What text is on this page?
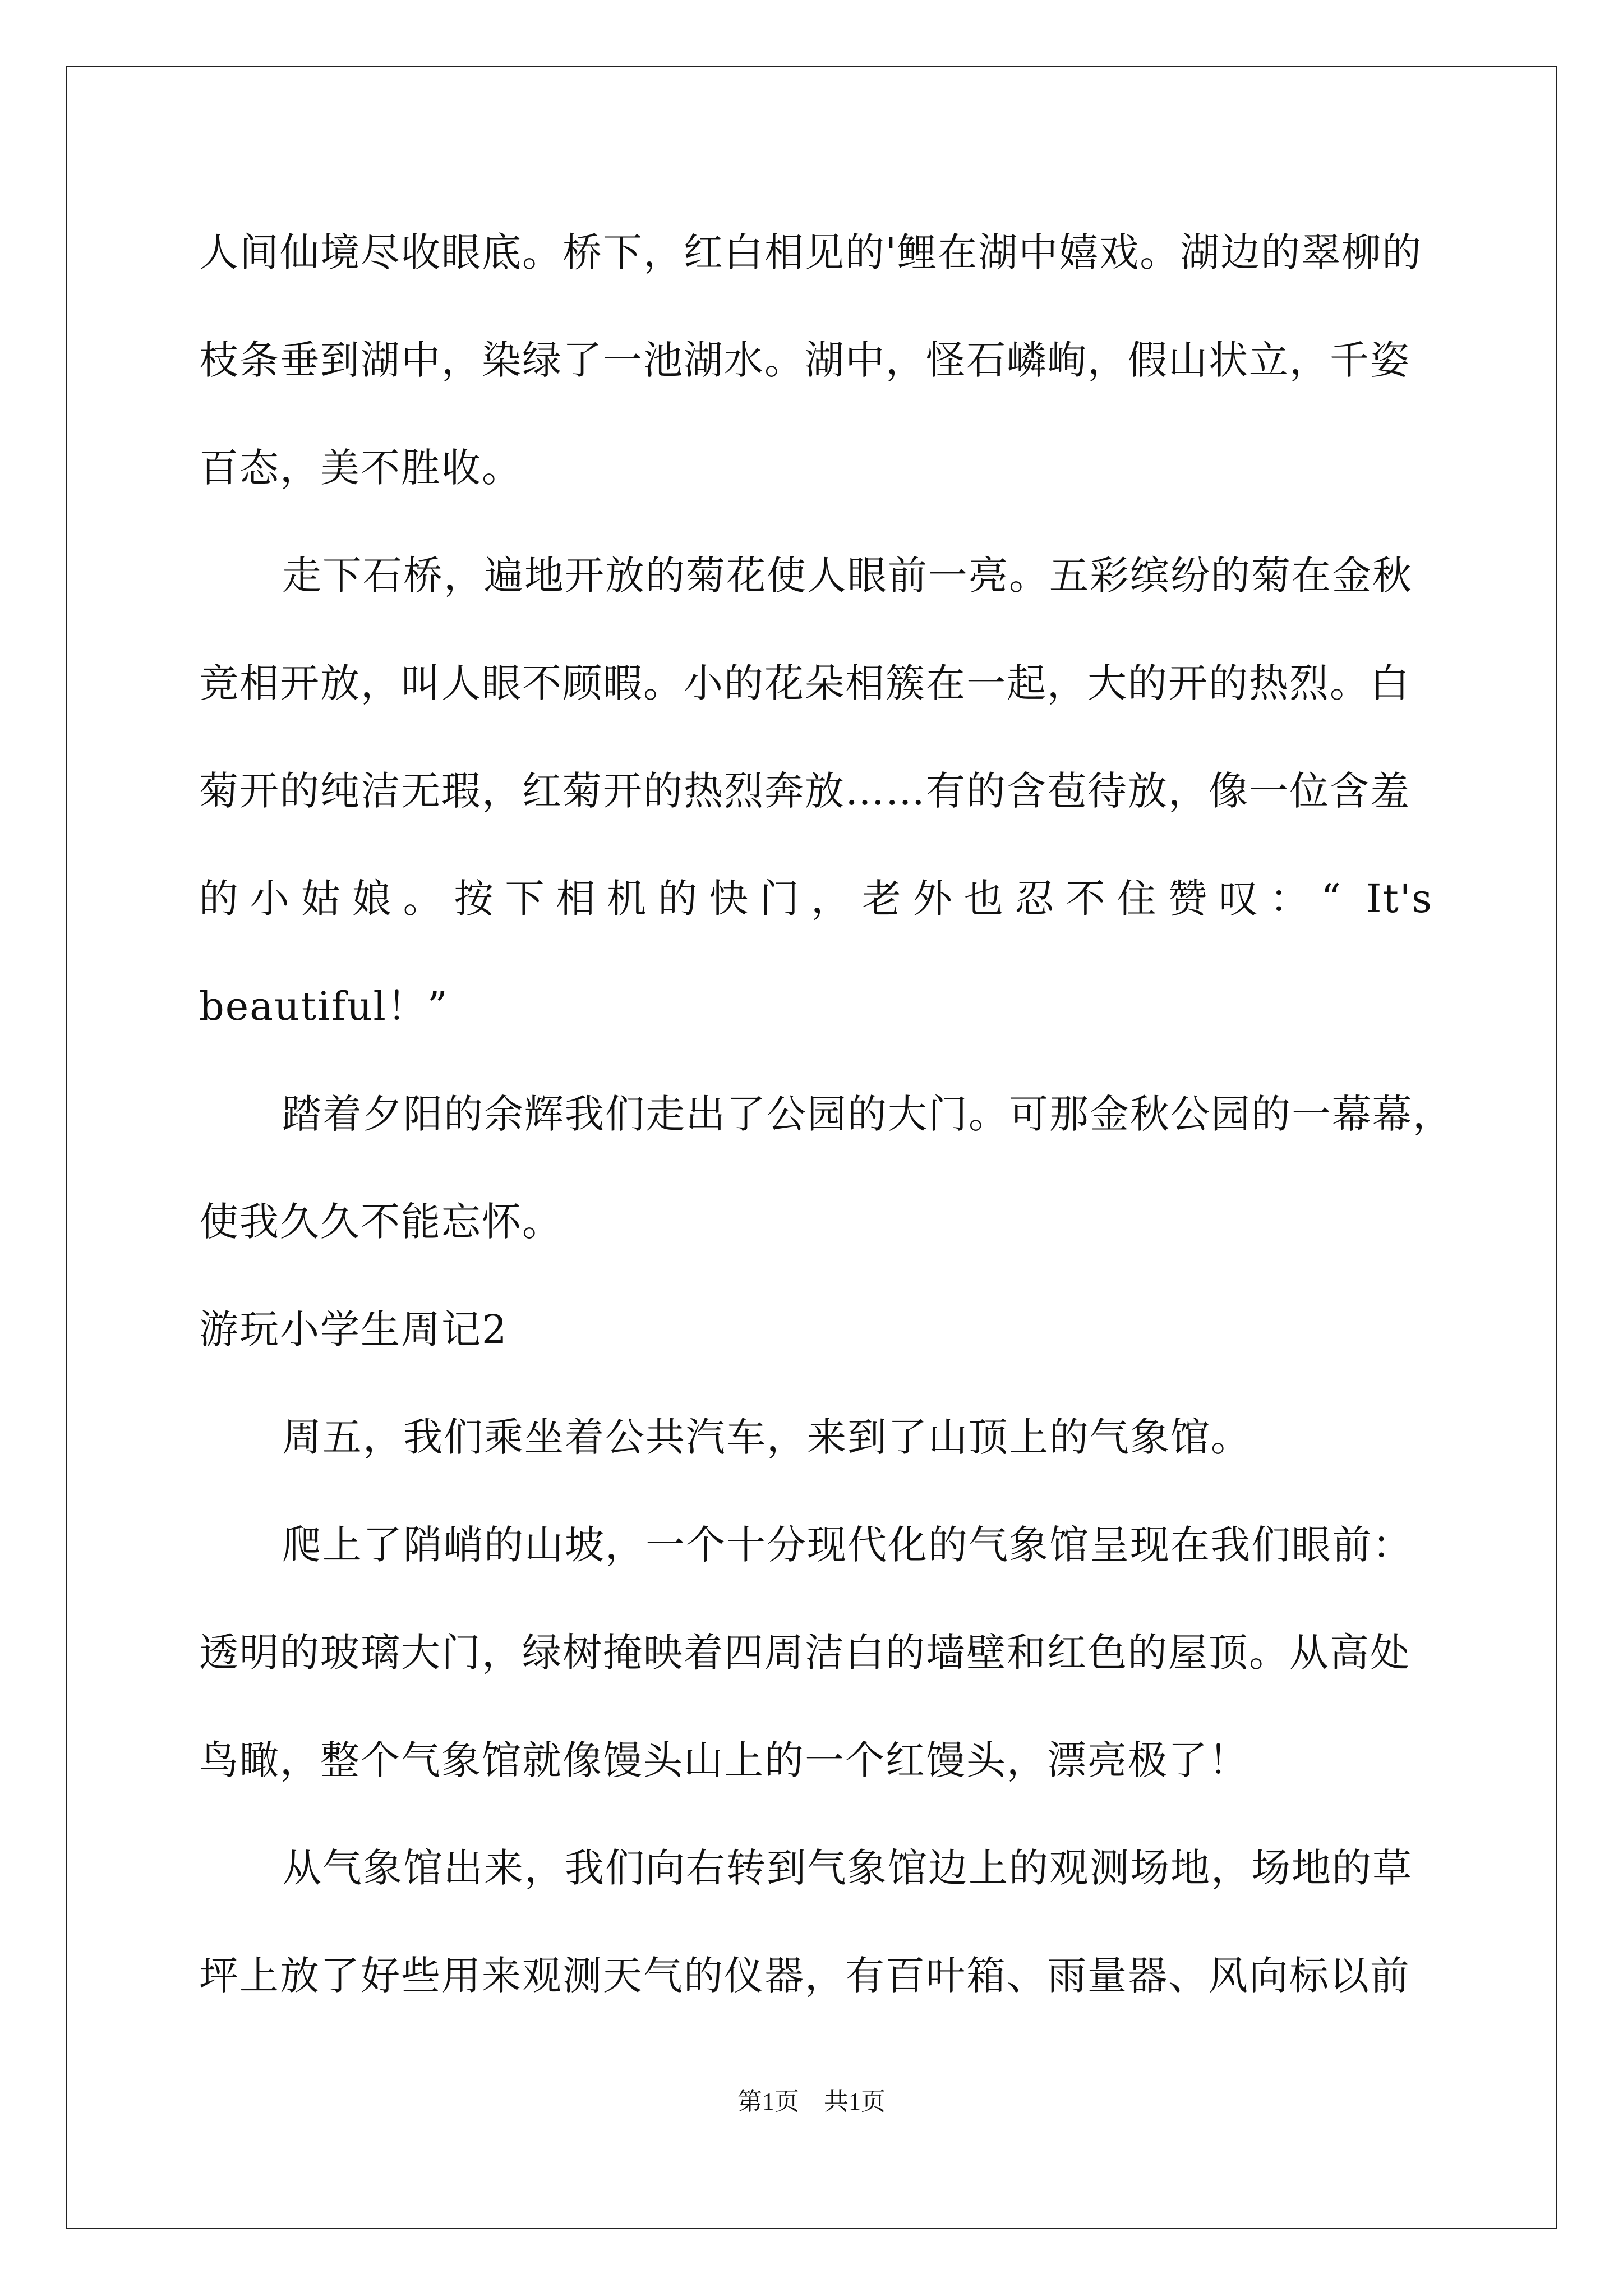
人间仙境尽收眼底。桥下，红白相见的'鲤在湖中嬉戏。湖边的翠柳的
枝条垂到湖中，染绿了一池湖水。湖中，怪石嶙峋，假山状立，千姿
百态，美不胜收。
走下石桥，遍地开放的菊花使人眼前一亮。五彩缤纷的菊在金秋
竞相开放，叫人眼不顾暇。小的花朵相簇在一起，大的开的热烈。白
菊开的纯洁无瑕，红菊开的热烈奔放……有的含苞待放，像一位含羞
的小姑娘。按下相机的快门，老外也忍不住赞叹：“ It's
beautiful！”
踏着夕阳的余辉我们走出了公园的大门。可那金秋公园的一幕幕，
使我久久不能忘怀。
游玩小学生周记2
周五，我们乘坐着公共汽车，来到了山顶上的气象馆。
爬上了陗峭的山坡，一个十分现代化的气象馆呈现在我们眼前：
透明的玻璃大门，绿树掩映着四周洁白的墙壁和红色的屋顶。从高处
鸟瞰，整个气象馆就像馒头山上的一个红馒头，漂亮极了！
从气象馆出来，我们向右转到气象馆边上的观测场地，场地的草
坪上放了好些用来观测天气的仪器，有百叶箱、雨量器、风向标以前
第1页　共1页
